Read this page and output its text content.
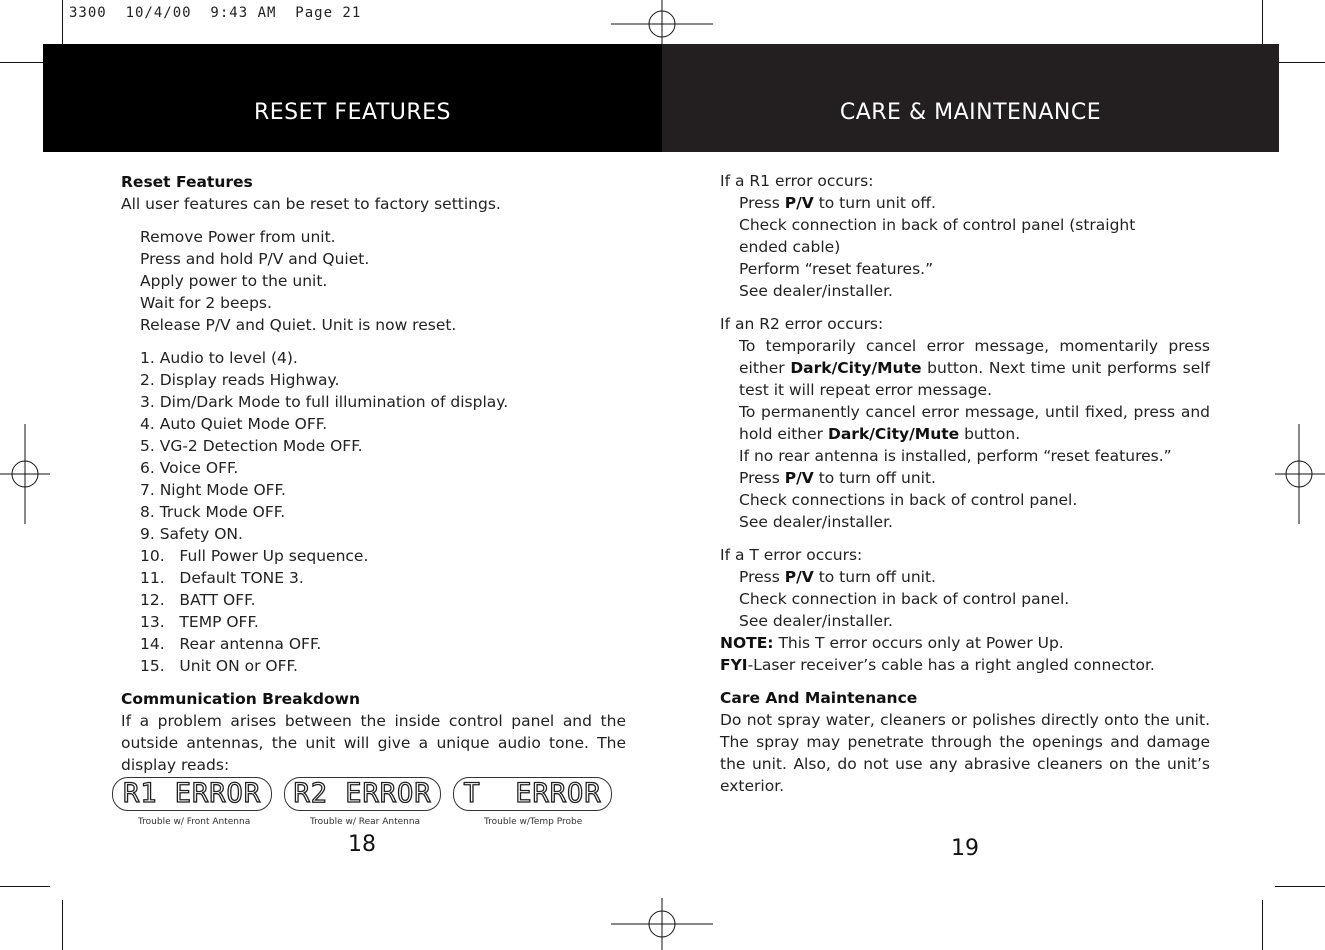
3300  10/4/00  9:43 AM  Page 21
RESET FEATURES	CARE & MAINTENANCE
Reset Features
All user features can be reset to factory settings.
Remove Power from unit.
Press and hold P/V and Quiet.
Apply power to the unit.
Wait for 2 beeps.
Release P/V and Quiet. Unit is now reset.
1. Audio to level (4).
2. Display reads Highway.
3. Dim/Dark Mode to full illumination of display.
4. Auto Quiet Mode OFF.
5. VG-2 Detection Mode OFF.
6. Voice OFF.
7. Night Mode OFF.
8. Truck Mode OFF.
9. Safety ON.
10.   Full Power Up sequence.
11.   Default TONE 3.
12.   BATT OFF.
13.   TEMP OFF.
14.   Rear antenna OFF.
15.   Unit ON or OFF.
Communication Breakdown
If a problem arises between the inside control panel and the outside antennas, the unit will give a unique audio tone. The display reads:
R1 ERROR	R2 ERROR	T  ERROR
Trouble w/ Front Antenna	Trouble w/ Rear Antenna	Trouble w/Temp Probe
18
If a R1 error occurs:
Press P/V to turn unit off.
Check connection in back of control panel (straight ended cable)
Perform “reset features.”
See dealer/installer.
If an R2 error occurs:
To temporarily cancel error message, momentarily press either Dark/City/Mute button. Next time unit performs self test it will repeat error message.
To permanently cancel error message, until fixed, press and hold either Dark/City/Mute button.
If no rear antenna is installed, perform “reset features.”
Press P/V to turn off unit.
Check connections in back of control panel.
See dealer/installer.
If a T error occurs:
Press P/V to turn off unit.
Check connection in back of control panel.
See dealer/installer.
NOTE: This T error occurs only at Power Up.
FYI-Laser receiver’s cable has a right angled connector.
Care And Maintenance
Do not spray water, cleaners or polishes directly onto the unit. The spray may penetrate through the openings and damage the unit. Also, do not use any abrasive cleaners on the unit’s exterior.
19
